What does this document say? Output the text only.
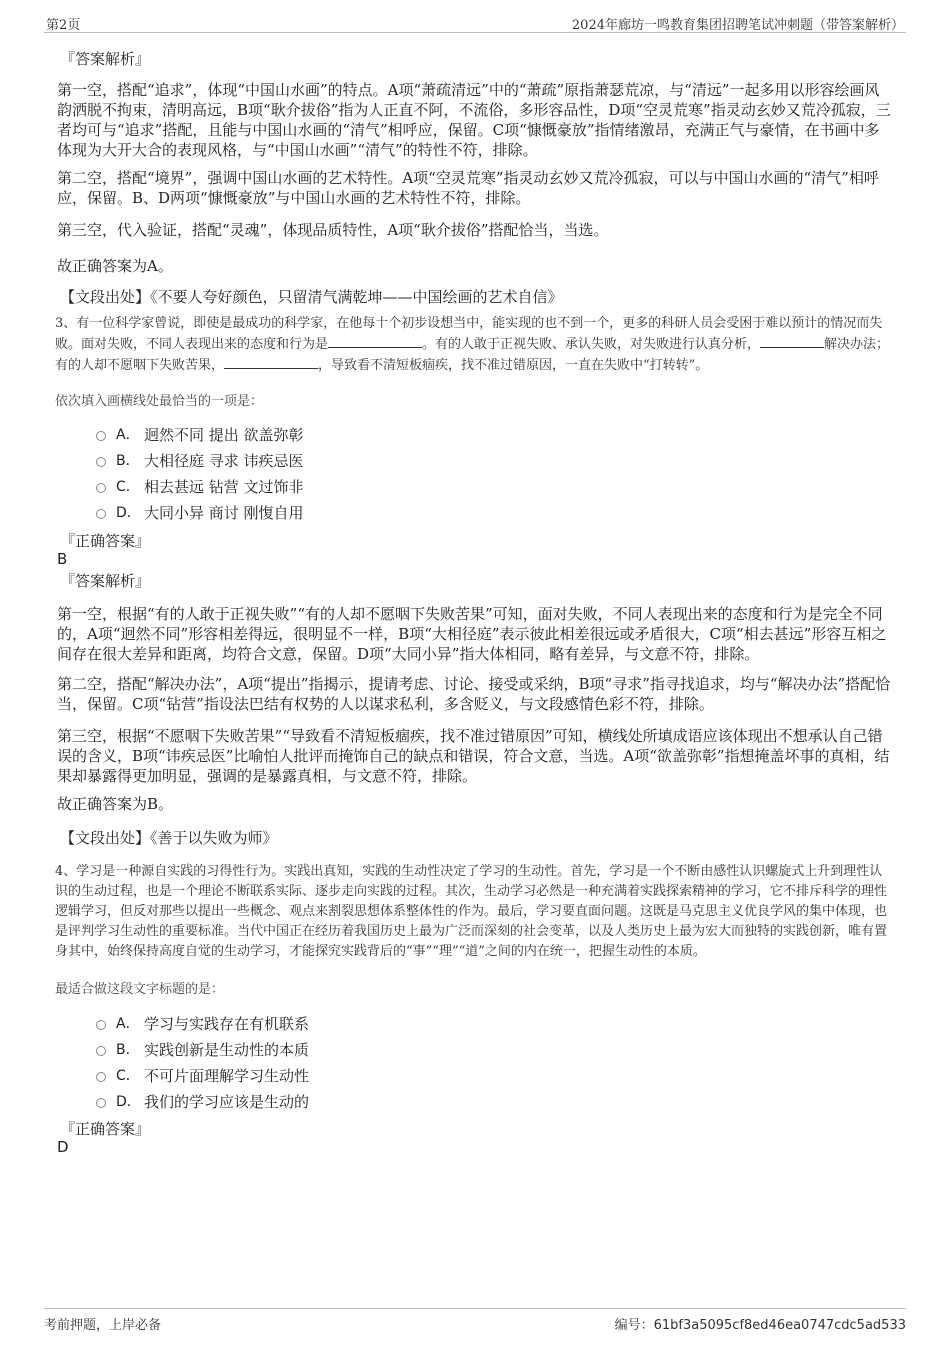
第2页	2024年廊坊一鸣教育集团招聘笔试冲刺题（带答案解析）
『答案解析』
第一空，搭配“追求”，体现“中国山水画”的特点。A项“萧疏清远”中的“萧疏”原指萧瑟荒凉，与“清远”一起多用以形容绘画风韵洒脱不拘束，清明高远，B项“耿介拔俗”指为人正直不阿，不流俗，多形容品性，D项“空灵荒寒”指灵动玄妙又荒冷孤寂，三者均可与“追求”搭配，且能与中国山水画的“清气”相呼应，保留。C项“慷慨豪放”指情绪激昂，充满正气与豪情，在书画中多体现为大开大合的表现风格，与“中国山水画”“清气”的特性不符，排除。
第二空，搭配“境界”，强调中国山水画的艺术特性。A项“空灵荒寒”指灵动玄妙又荒冷孤寂，可以与中国山水画的“清气”相呼应，保留。B、D两项“慷慨豪放”与中国山水画的艺术特性不符，排除。
第三空，代入验证，搭配“灵魂”，体现品质特性，A项“耿介拔俗”搭配恰当，当选。
故正确答案为A。
【文段出处】《不要人夸好颜色，只留清气满乾坤——中国绘画的艺术自信》
3、有一位科学家曾说，即使是最成功的科学家，在他每十个初步设想当中，能实现的也不到一个，更多的科研人员会受困于难以预计的情况而失败。面对失败，不同人表现出来的态度和行为是	。有的人敢于正视失败、承认失败，对失败进行认真分析，	解决办法；有的人却不愿咽下失败苦果，	，导致看不清短板痼疾，找不准过错原因，一直在失败中“打转转”。
依次填入画横线处最恰当的一项是：
A． 迥然不同 提出 欲盖弥彰
B． 大相径庭 寻求 讳疾忌医
C． 相去甚远 钻营 文过饰非
D． 大同小异 商讨 刚愎自用
『正确答案』
B
『答案解析』
第一空，根据“有的人敢于正视失败”“有的人却不愿咽下失败苦果”可知，面对失败，不同人表现出来的态度和行为是完全不同的，A项“迥然不同”形容相差得远，很明显不一样，B项“大相径庭”表示彼此相差很远或矛盾很大，C项“相去甚远”形容互相之间存在很大差异和距离，均符合文意，保留。D项“大同小异”指大体相同，略有差异，与文意不符，排除。
第二空，搭配“解决办法”，A项“提出”指揭示，提请考虑、讨论、接受或采纳，B项“寻求”指寻找追求，均与“解决办法”搭配恰当，保留。C项“钻营”指设法巴结有权势的人以谋求私利，多含贬义，与文段感情色彩不符，排除。
第三空，根据“不愿咽下失败苦果”“导致看不清短板痼疾，找不准过错原因”可知，横线处所填成语应该体现出不想承认自己错误的含义，B项“讳疾忌医”比喻怕人批评而掩饰自己的缺点和错误，符合文意，当选。A项“欲盖弥彰”指想掩盖坏事的真相，结果却暴露得更加明显，强调的是暴露真相，与文意不符，排除。
故正确答案为B。
【文段出处】《善于以失败为师》
4、学习是一种源自实践的习得性行为。实践出真知，实践的生动性决定了学习的生动性。首先，学习是一个不断由感性认识螺旋式上升到理性认识的生动过程，也是一个理论不断联系实际、逐步走向实践的过程。其次，生动学习必然是一种充满着实践探索精神的学习，它不排斥科学的理性逻辑学习，但反对那些以提出一些概念、观点来割裂思想体系整体性的作为。最后，学习要直面问题。这既是马克思主义优良学风的集中体现，也是评判学习生动性的重要标准。当代中国正在经历着我国历史上最为广泛而深刻的社会变革，以及人类历史上最为宏大而独特的实践创新，唯有置身其中，始终保持高度自觉的生动学习，才能探究实践背后的“事”“理”“道”之间的内在统一，把握生动性的本质。
最适合做这段文字标题的是：
A． 学习与实践存在有机联系
B． 实践创新是生动性的本质
C． 不可片面理解学习生动性
D． 我们的学习应该是生动的
『正确答案』
D
考前押题，上岸必备	编号：61bf3a5095cf8ed46ea0747cdc5ad533
